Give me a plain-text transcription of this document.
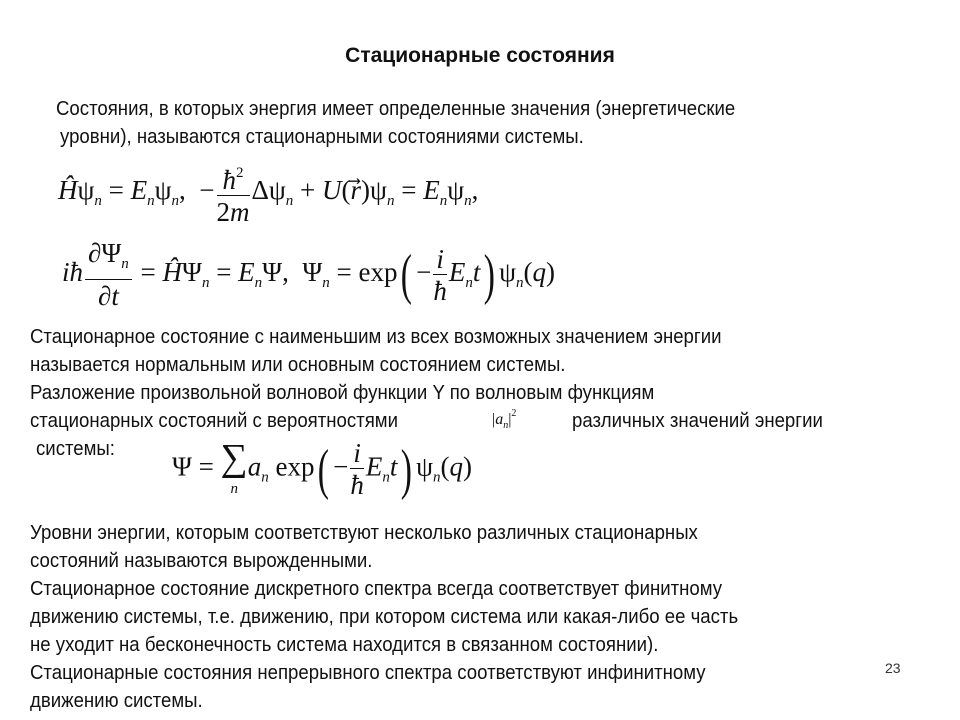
Стационарные состояния
Состояния, в которых энергия имеет определенные значения (энергетические
уровни), называются стационарными состояниями системы.
$Ĥ\psi_n = E_n\psi_n$,  − $\frac{ħ^2}{2m} \Delta\psi_n$ + $U(r⃗)\psi_n = E_n\psi_n$,
iħ $\frac{\partial\Psi_n}{\partial t}$ = $Ĥ\Psi_n = E_n\Psi$,  $\Psi_n = \exp( - \frac{i}{ħ} E_nt)$ $\psi_n(q)$
Стационарное состояние с наименьшим из всех возможных значением энергии
называется нормальным или основным состоянием системы.
Разложение произвольной волновой функции Y по волновым функциям
стационарных состояний с вероятностями	$|a_n|^2$	различных значений энергии
системы:
Ψ = ∑
n
$a_n$ $\exp( - \frac{i}{ħ} E_nt)$ $\psi_n(q)$
Уровни энергии, которым соответствуют несколько различных стационарных
состояний называются вырожденными.
Стационарное состояние дискретного спектра всегда соответствует финитному
движению системы, т.е. движению, при котором система или какая-либо ее часть
не уходит на бесконечность система находится в связанном состоянии).
Стационарные состояния непрерывного спектра соответствуют инфинитному
движению системы.
23
